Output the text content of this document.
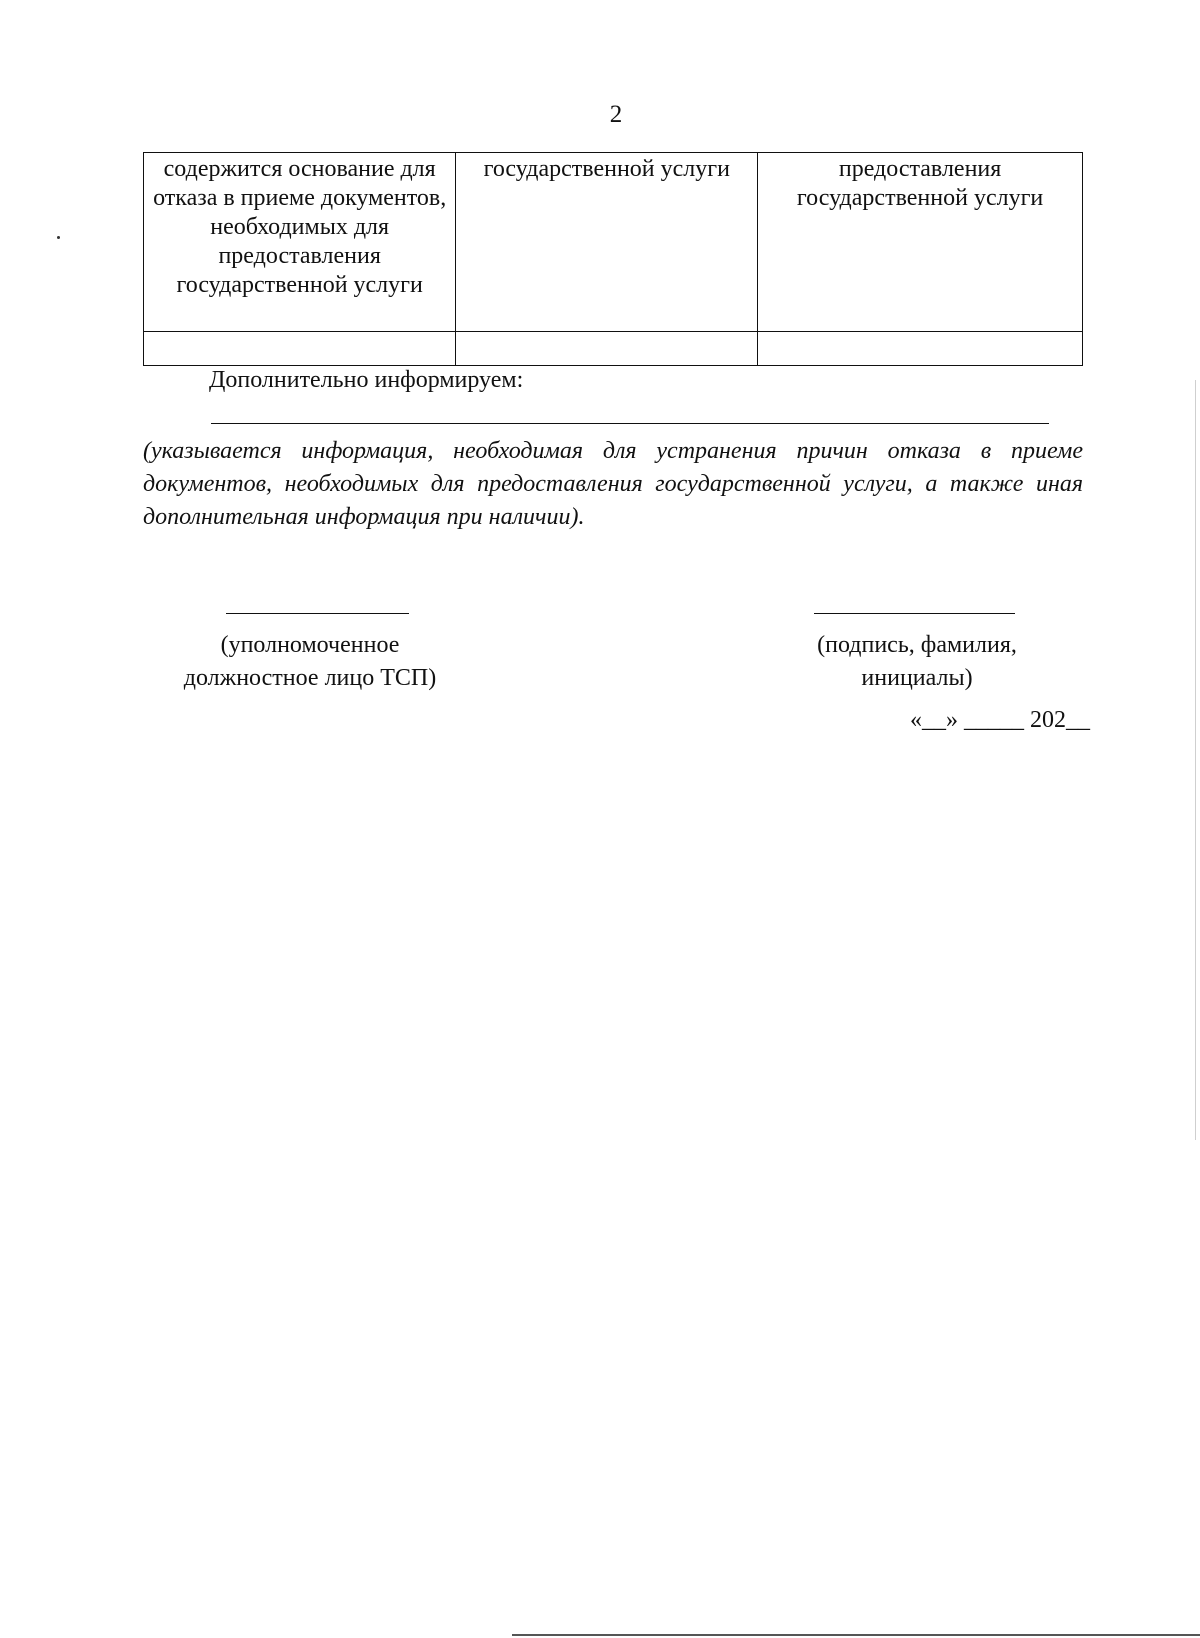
2
содержится основание для отказа в приеме документов, необходимых для предоставления государственной услуги	государственной услуги	предоставления государственной услуги

Дополнительно информируем:
(указывается информация, необходимая для устранения причин отказа в приеме документов, необходимых для предоставления государственной услуги, а также иная дополнительная информация при наличии).
(уполномоченное
должностное лицо ТСП)
(подпись, фамилия,
инициалы)
«__» _____ 202__
